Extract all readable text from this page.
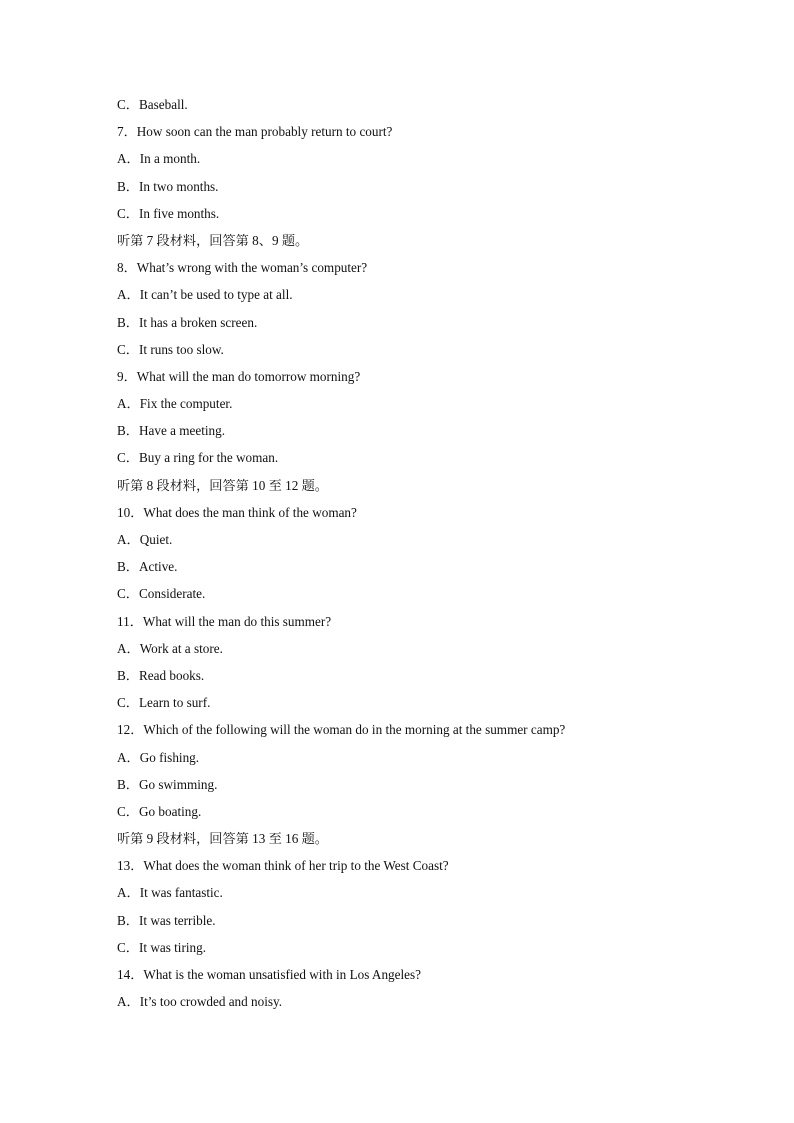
C．Baseball.
7．How soon can the man probably return to court?
A．In a month.
B．In two months.
C．In five months.
听第 7 段材料，回答第 8、9 题。
8．What’s wrong with the woman’s computer?
A．It can’t be used to type at all.
B．It has a broken screen.
C．It runs too slow.
9．What will the man do tomorrow morning?
A．Fix the computer.
B．Have a meeting.
C．Buy a ring for the woman.
听第 8 段材料，回答第 10 至 12 题。
10．What does the man think of the woman?
A．Quiet.
B．Active.
C．Considerate.
11．What will the man do this summer?
A．Work at a store.
B．Read books.
C．Learn to surf.
12．Which of the following will the woman do in the morning at the summer camp?
A．Go fishing.
B．Go swimming.
C．Go boating.
听第 9 段材料，回答第 13 至 16 题。
13．What does the woman think of her trip to the West Coast?
A．It was fantastic.
B．It was terrible.
C．It was tiring.
14．What is the woman unsatisfied with in Los Angeles?
A．It’s too crowded and noisy.
